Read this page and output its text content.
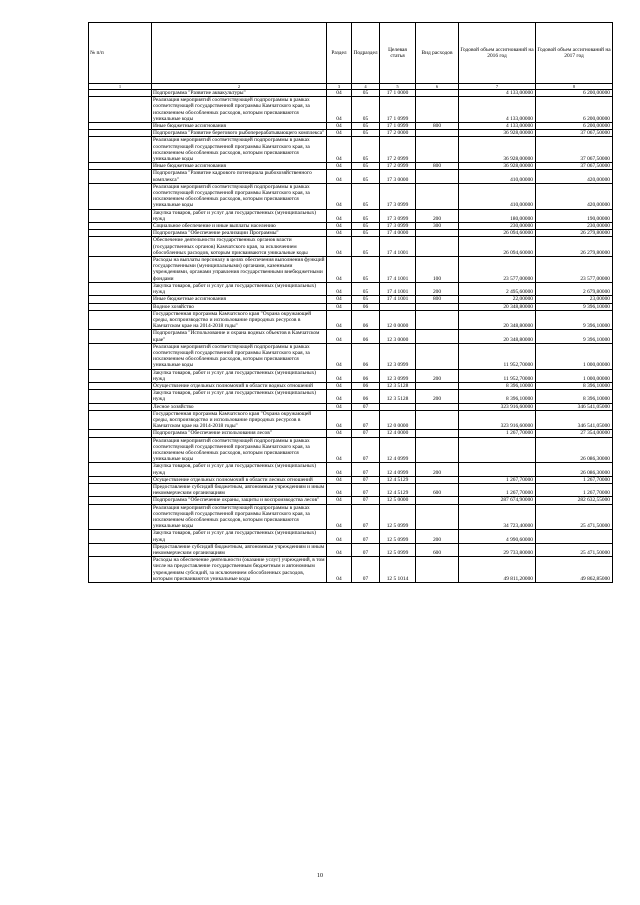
№ п/п		Раздел	Подраздел	Целевая статья	Вид расходов	Годовой объем ассигнований на 2016 год	Годовой объем ассигнований на 2017 год
1	2	3	4	5	6	7	8
	Подпрограмма "Развитие аквакультуры"	04	05	17 1 0000		4 133,00000	6 200,00000
	Реализация мероприятий соответствующей подпрограммы в рамках соответствующей государственной программы Камчатского края, за исключением обособленных расходов, которым присваиваются уникальные коды	04	05	17 1 0999		4 133,00000	6 200,00000
	Иные бюджетные ассигнования	04	05	17 1 0999	800	4 133,00000	6 200,00000
	Подпрограмма "Развитие берегового рыбоперерабатывающего комплекса"	04	05	17 2 0000		36 928,00000	37 067,50000
	Реализация мероприятий соответствующей подпрограммы в рамках соответствующей государственной программы Камчатского края, за исключением обособленных расходов, которым присваиваются уникальные коды	04	05	17 2 0999		36 928,00000	37 067,50000
	Иные бюджетные ассигнования	04	05	17 2 0999	800	36 928,00000	37 067,50000
	Подпрограмма "Развитие кадрового потенциала рыбохозяйственного комплекса"	04	05	17 3 0000		410,00000	420,00000
	Реализация мероприятий соответствующей подпрограммы в рамках соответствующей государственной программы Камчатского края, за исключением обособленных расходов, которым присваиваются уникальные коды	04	05	17 3 0999		410,00000	420,00000
	Закупка товаров, работ и услуг для государственных (муниципальных) нужд	04	05	17 3 0999	200	180,00000	190,00000
	Социальное обеспечение и иные выплаты населению	04	05	17 3 0999	300	230,00000	230,00000
	Подпрограмма "Обеспечение реализации Программы"	04	05	17 4 0000		26 094,60000	26 279,80000
	Обеспечение деятельности государственных органов власти (государственных органов) Камчатского края, за исключением обособленных расходов, которым присваиваются уникальные коды	04	05	17 4 1001		26 094,60000	26 279,80000
	Расходы на выплаты персоналу в целях обеспечения выполнения функций государственными (муниципальными) органами, казенными учреждениями, органами управления государственными внебюджетными фондами	04	05	17 4 1001	100	23 577,00000	23 577,00000
	Закупка товаров, работ и услуг для государственных (муниципальных) нужд	04	05	17 4 1001	200	2 495,60000	2 679,80000
	Иные бюджетные ассигнования	04	05	17 4 1001	800	22,00000	23,00000
	Водное хозяйство	04	06			20 348,80000	9 396,10000
	Государственная программа Камчатского края "Охрана окружающей среды, воспроизводство и использование природных ресурсов в Камчатском крае на 2014-2018 годы"	04	06	12 0 0000		20 348,80000	9 396,10000
	Подпрограмма "Использование и охрана водных объектов в Камчатском крае"	04	06	12 3 0000		20 348,80000	9 396,10000
	Реализация мероприятий соответствующей подпрограммы в рамках соответствующей государственной программы Камчатского края, за исключением обособленных расходов, которым присваиваются уникальные коды	04	06	12 3 0999		11 952,70000	1 000,00000
	Закупка товаров, работ и услуг для государственных (муниципальных) нужд	04	06	12 3 0999	200	11 952,70000	1 000,00000
	Осуществление отдельных полномочий в области водных отношений	04	06	12 3 5128		8 396,10000	8 396,10000
	Закупка товаров, работ и услуг для государственных (муниципальных) нужд	04	06	12 3 5128	200	8 396,10000	8 396,10000
	Лесное хозяйство	04	07			323 916,60000	346 541,05000
	Государственная программа Камчатского края "Охрана окружающей среды, воспроизводство и использование природных ресурсов в Камчатском крае на 2014-2018 годы"	04	07	12 0 0000		323 916,60000	346 541,05000
	Подпрограмма "Обеспечение использования лесов"	04	07	12 4 0000		1 267,70000	27 354,00000
	Реализация мероприятий соответствующей подпрограммы в рамках соответствующей государственной программы Камчатского края, за исключением обособленных расходов, которым присваиваются уникальные коды	04	07	12 4 0999			26 086,30000
	Закупка товаров, работ и услуг для государственных (муниципальных) нужд	04	07	12 4 0999	200		26 086,30000
	Осуществление отдельных полномочий в области лесных отношений	04	07	12 4 5129		1 267,70000	1 267,70000
	Предоставление субсидий бюджетным, автономным учреждениям и иным некоммерческим организациям	04	07	12 4 5129	600	1 267,70000	1 267,70000
	Подпрограмма "Обеспечение охраны, защиты и воспроизводства лесов"	04	07	12 5 0000		287 674,90000	282 632,55000
	Реализация мероприятий соответствующей подпрограммы в рамках соответствующей государственной программы Камчатского края, за исключением обособленных расходов, которым присваиваются уникальные коды	04	07	12 5 0999		34 723,40000	25 471,50000
	Закупка товаров, работ и услуг для государственных (муниципальных) нужд	04	07	12 5 0999	200	4 990,60000	
	Предоставление субсидий бюджетным, автономным учреждениям и иным некоммерческим организациям	04	07	12 5 0999	600	29 733,80000	25 471,50000
	Расходы на обеспечение деятельности (оказание услуг) учреждений, в том числе на предоставление государственным бюджетным и автономным учреждениям субсидий, за исключением обособленных расходов, которым присваиваются уникальные коды	04	07	12 5 1014		49 811,20000	49 862,85000
10
